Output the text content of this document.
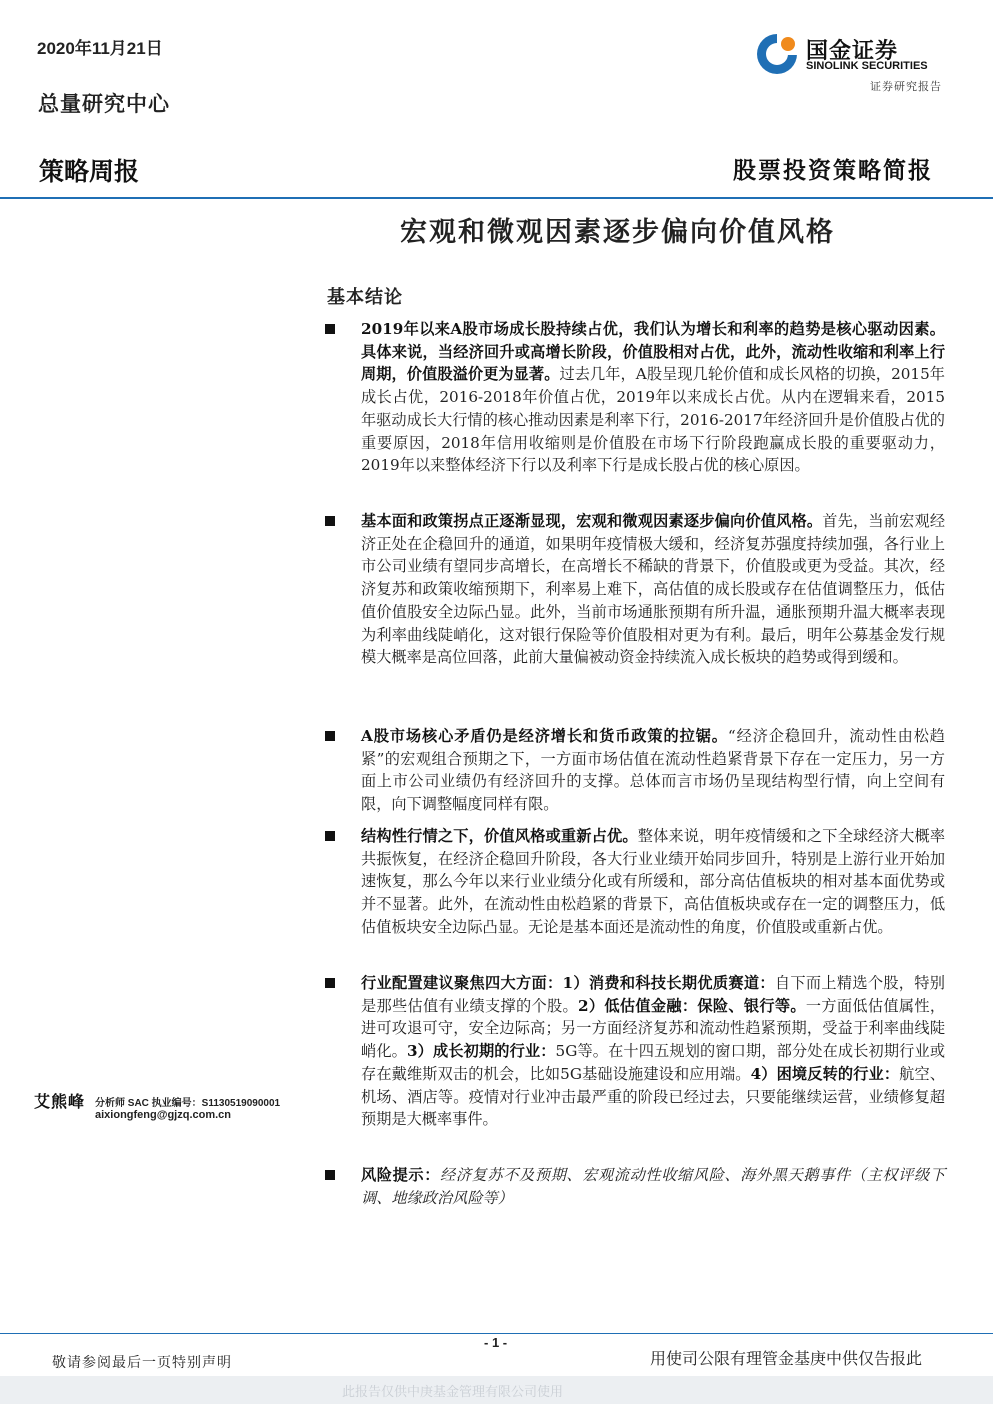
2020年11月21日
总量研究中心
国金证券
SINOLINK SECURITIES
证券研究报告
策略周报	股票投资策略简报
宏观和微观因素逐步偏向价值风格
基本结论
2019年以来A股市场成长股持续占优，我们认为增长和利率的趋势是核心驱动因素。具体来说，当经济回升或高增长阶段，价值股相对占优，此外，流动性收缩和利率上行周期，价值股溢价更为显著。过去几年，A股呈现几轮价值和成长风格的切换，2015年成长占优，2016-2018年价值占优，2019年以来成长占优。从内在逻辑来看，2015年驱动成长大行情的核心推动因素是利率下行，2016-2017年经济回升是价值股占优的重要原因，2018年信用收缩则是价值股在市场下行阶段跑赢成长股的重要驱动力，2019年以来整体经济下行以及利率下行是成长股占优的核心原因。
基本面和政策拐点正逐渐显现，宏观和微观因素逐步偏向价值风格。首先，当前宏观经济正处在企稳回升的通道，如果明年疫情极大缓和，经济复苏强度持续加强，各行业上市公司业绩有望同步高增长，在高增长不稀缺的背景下，价值股或更为受益。其次，经济复苏和政策收缩预期下，利率易上难下，高估值的成长股或存在估值调整压力，低估值价值股安全边际凸显。此外，当前市场通胀预期有所升温，通胀预期升温大概率表现为利率曲线陡峭化，这对银行保险等价值股相对更为有利。最后，明年公募基金发行规模大概率是高位回落，此前大量偏被动资金持续流入成长板块的趋势或得到缓和。
A股市场核心矛盾仍是经济增长和货币政策的拉锯。“经济企稳回升，流动性由松趋紧”的宏观组合预期之下，一方面市场估值在流动性趋紧背景下存在一定压力，另一方面上市公司业绩仍有经济回升的支撑。总体而言市场仍呈现结构型行情，向上空间有限，向下调整幅度同样有限。
结构性行情之下，价值风格或重新占优。整体来说，明年疫情缓和之下全球经济大概率共振恢复，在经济企稳回升阶段，各大行业业绩开始同步回升，特别是上游行业开始加速恢复，那么今年以来行业业绩分化或有所缓和，部分高估值板块的相对基本面优势或并不显著。此外，在流动性由松趋紧的背景下，高估值板块或存在一定的调整压力，低估值板块安全边际凸显。无论是基本面还是流动性的角度，价值股或重新占优。
行业配置建议聚焦四大方面：1）消费和科技长期优质赛道：自下而上精选个股，特别是那些估值有业绩支撑的个股。2）低估值金融：保险、银行等。一方面低估值属性，进可攻退可守，安全边际高；另一方面经济复苏和流动性趋紧预期，受益于利率曲线陡峭化。3）成长初期的行业：5G等。在十四五规划的窗口期，部分处在成长初期行业或存在戴维斯双击的机会，比如5G基础设施建设和应用端。4）困境反转的行业：航空、机场、酒店等。疫情对行业冲击最严重的阶段已经过去，只要能继续运营，业绩修复超预期是大概率事件。
风险提示：经济复苏不及预期、宏观流动性收缩风险、海外黑天鹅事件（主权评级下调、地缘政治风险等）
艾熊峰 分析师 SAC 执业编号：S1130519090001
aixiongfeng@gjzq.com.cn
- 1 -
敬请参阅最后一页特别声明	用使司公限有理管金基庚中供仅告报此
此报告仅供中庚基金管理有限公司使用
